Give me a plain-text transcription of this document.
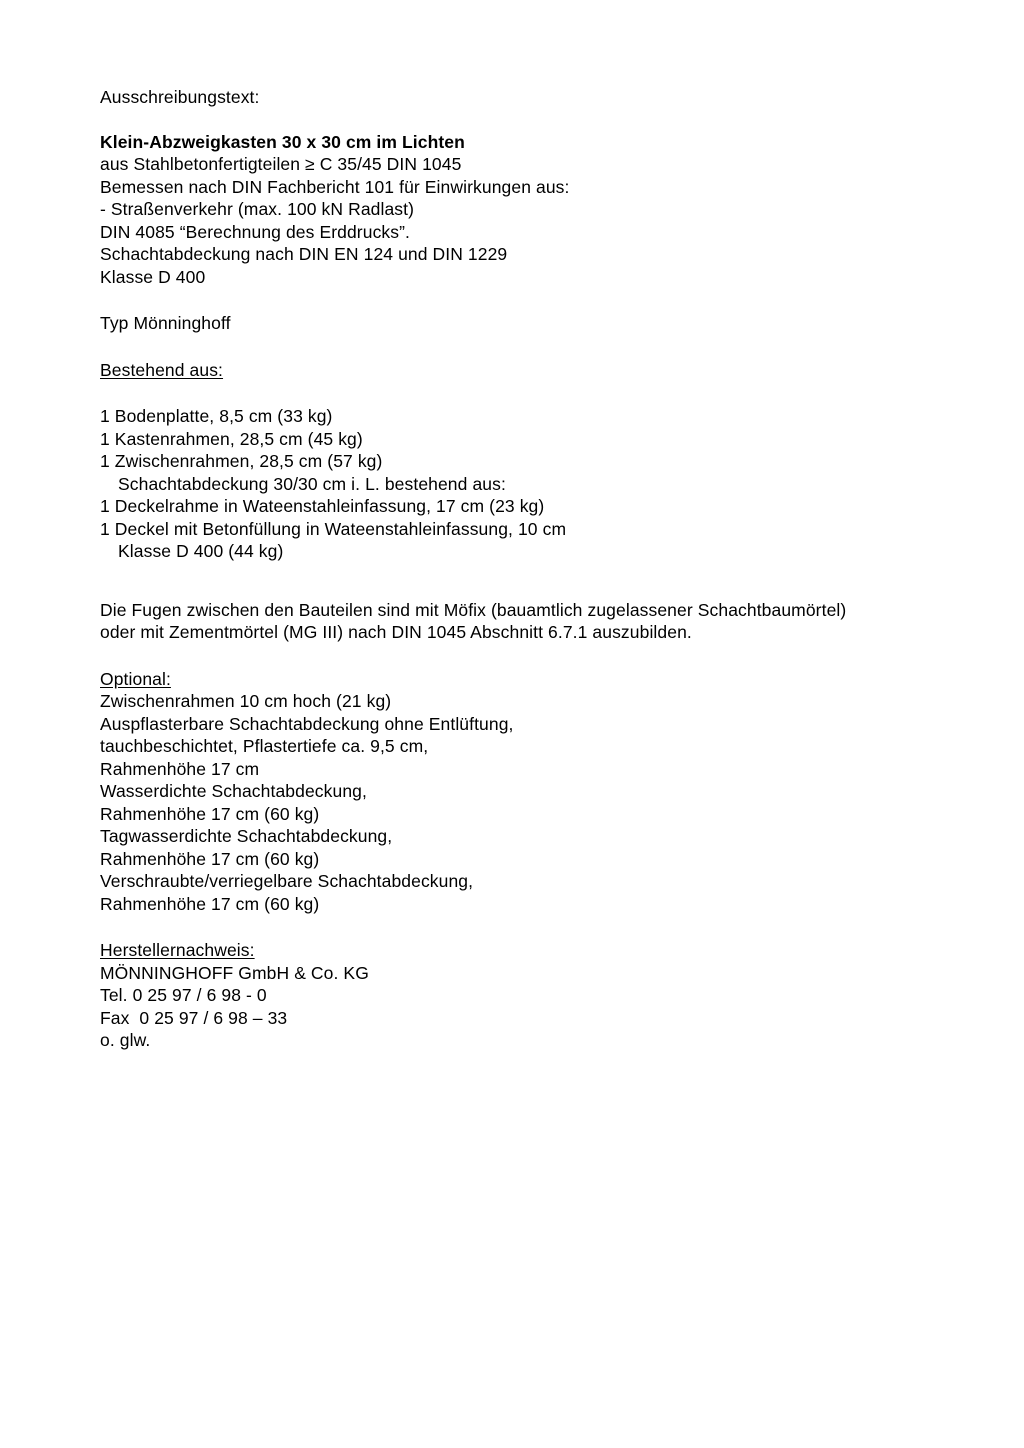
Ausschreibungstext:
Klein-Abzweigkasten 30 x 30 cm im Lichten
aus Stahlbetonfertigteilen ≥ C 35/45 DIN 1045
Bemessen nach DIN Fachbericht 101 für Einwirkungen aus:
- Straßenverkehr (max. 100 kN Radlast)
DIN 4085 “Berechnung des Erddrucks”.
Schachtabdeckung nach DIN EN 124 und DIN 1229
Klasse D 400
Typ Mönninghoff
Bestehend aus:
1 Bodenplatte, 8,5 cm (33 kg)
1 Kastenrahmen, 28,5 cm (45 kg)
1 Zwischenrahmen, 28,5 cm (57 kg)
Schachtabdeckung 30/30 cm i. L. bestehend aus:
1 Deckelrahme in Wateenstahleinfassung, 17 cm (23 kg)
1 Deckel mit Betonfüllung in Wateenstahleinfassung, 10 cm
Klasse D 400 (44 kg)
Die Fugen zwischen den Bauteilen sind mit Möfix (bauamtlich zugelassener Schachtbaumörtel)
oder mit Zementmörtel (MG III) nach DIN 1045 Abschnitt 6.7.1 auszubilden.
Optional:
Zwischenrahmen 10 cm hoch (21 kg)
Auspflasterbare Schachtabdeckung ohne Entlüftung,
tauchbeschichtet, Pflastertiefe ca. 9,5 cm,
Rahmenhöhe 17 cm
Wasserdichte Schachtabdeckung,
Rahmenhöhe 17 cm (60 kg)
Tagwasserdichte Schachtabdeckung,
Rahmenhöhe 17 cm (60 kg)
Verschraubte/verriegelbare Schachtabdeckung,
Rahmenhöhe 17 cm (60 kg)
Herstellernachweis:
MÖNNINGHOFF GmbH & Co. KG
Tel. 0 25 97 / 6 98 - 0
Fax  0 25 97 / 6 98 – 33
o. glw.
